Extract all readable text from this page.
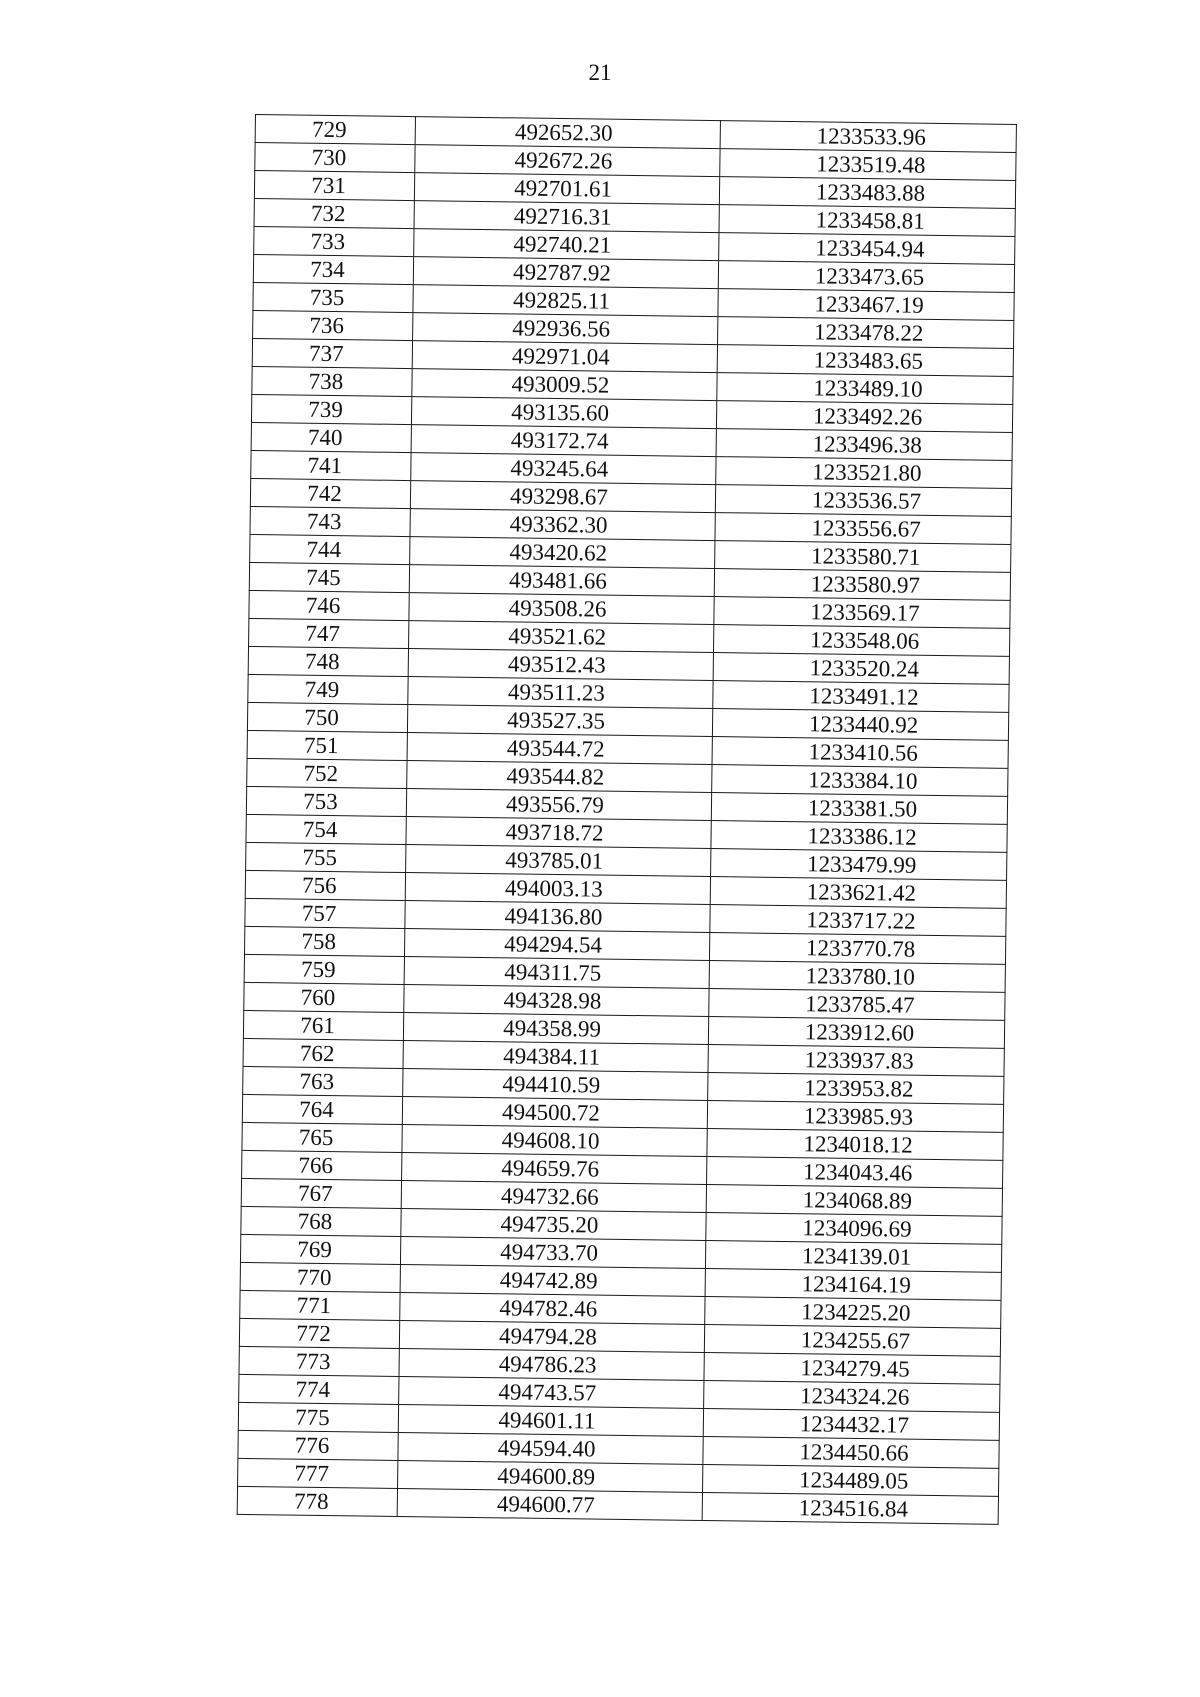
21
729	492652.30	1233533.96
730	492672.26	1233519.48
731	492701.61	1233483.88
732	492716.31	1233458.81
733	492740.21	1233454.94
734	492787.92	1233473.65
735	492825.11	1233467.19
736	492936.56	1233478.22
737	492971.04	1233483.65
738	493009.52	1233489.10
739	493135.60	1233492.26
740	493172.74	1233496.38
741	493245.64	1233521.80
742	493298.67	1233536.57
743	493362.30	1233556.67
744	493420.62	1233580.71
745	493481.66	1233580.97
746	493508.26	1233569.17
747	493521.62	1233548.06
748	493512.43	1233520.24
749	493511.23	1233491.12
750	493527.35	1233440.92
751	493544.72	1233410.56
752	493544.82	1233384.10
753	493556.79	1233381.50
754	493718.72	1233386.12
755	493785.01	1233479.99
756	494003.13	1233621.42
757	494136.80	1233717.22
758	494294.54	1233770.78
759	494311.75	1233780.10
760	494328.98	1233785.47
761	494358.99	1233912.60
762	494384.11	1233937.83
763	494410.59	1233953.82
764	494500.72	1233985.93
765	494608.10	1234018.12
766	494659.76	1234043.46
767	494732.66	1234068.89
768	494735.20	1234096.69
769	494733.70	1234139.01
770	494742.89	1234164.19
771	494782.46	1234225.20
772	494794.28	1234255.67
773	494786.23	1234279.45
774	494743.57	1234324.26
775	494601.11	1234432.17
776	494594.40	1234450.66
777	494600.89	1234489.05
778	494600.77	1234516.84
